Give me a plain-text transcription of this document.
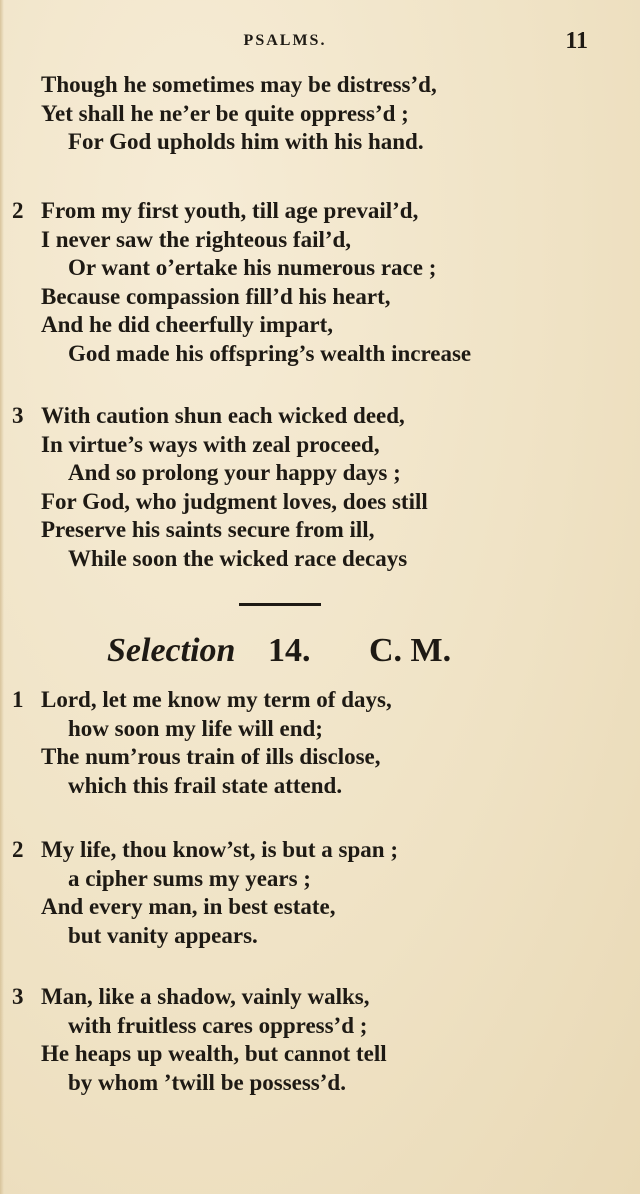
PSALMS.	11
Though he sometimes may be distress’d,
Yet shall he ne’er be quite oppress’d ;
For God upholds him with his hand.
2 From my first youth, till age prevail’d,
I never saw the righteous fail’d,
Or want o’ertake his numerous race ;
Because compassion fill’d his heart,
And he did cheerfully impart,
God made his offspring’s wealth increase
3 With caution shun each wicked deed,
In virtue’s ways with zeal proceed,
And so prolong your happy days ;
For God, who judgment loves, does still
Preserve his saints secure from ill,
While soon the wicked race decays
Selection 14. C. M.
1 Lord, let me know my term of days,
how soon my life will end;
The num’rous train of ills disclose,
which this frail state attend.
2 My life, thou know’st, is but a span ;
a cipher sums my years ;
And every man, in best estate,
but vanity appears.
3 Man, like a shadow, vainly walks,
with fruitless cares oppress’d ;
He heaps up wealth, but cannot tell
by whom ’twill be possess’d.
